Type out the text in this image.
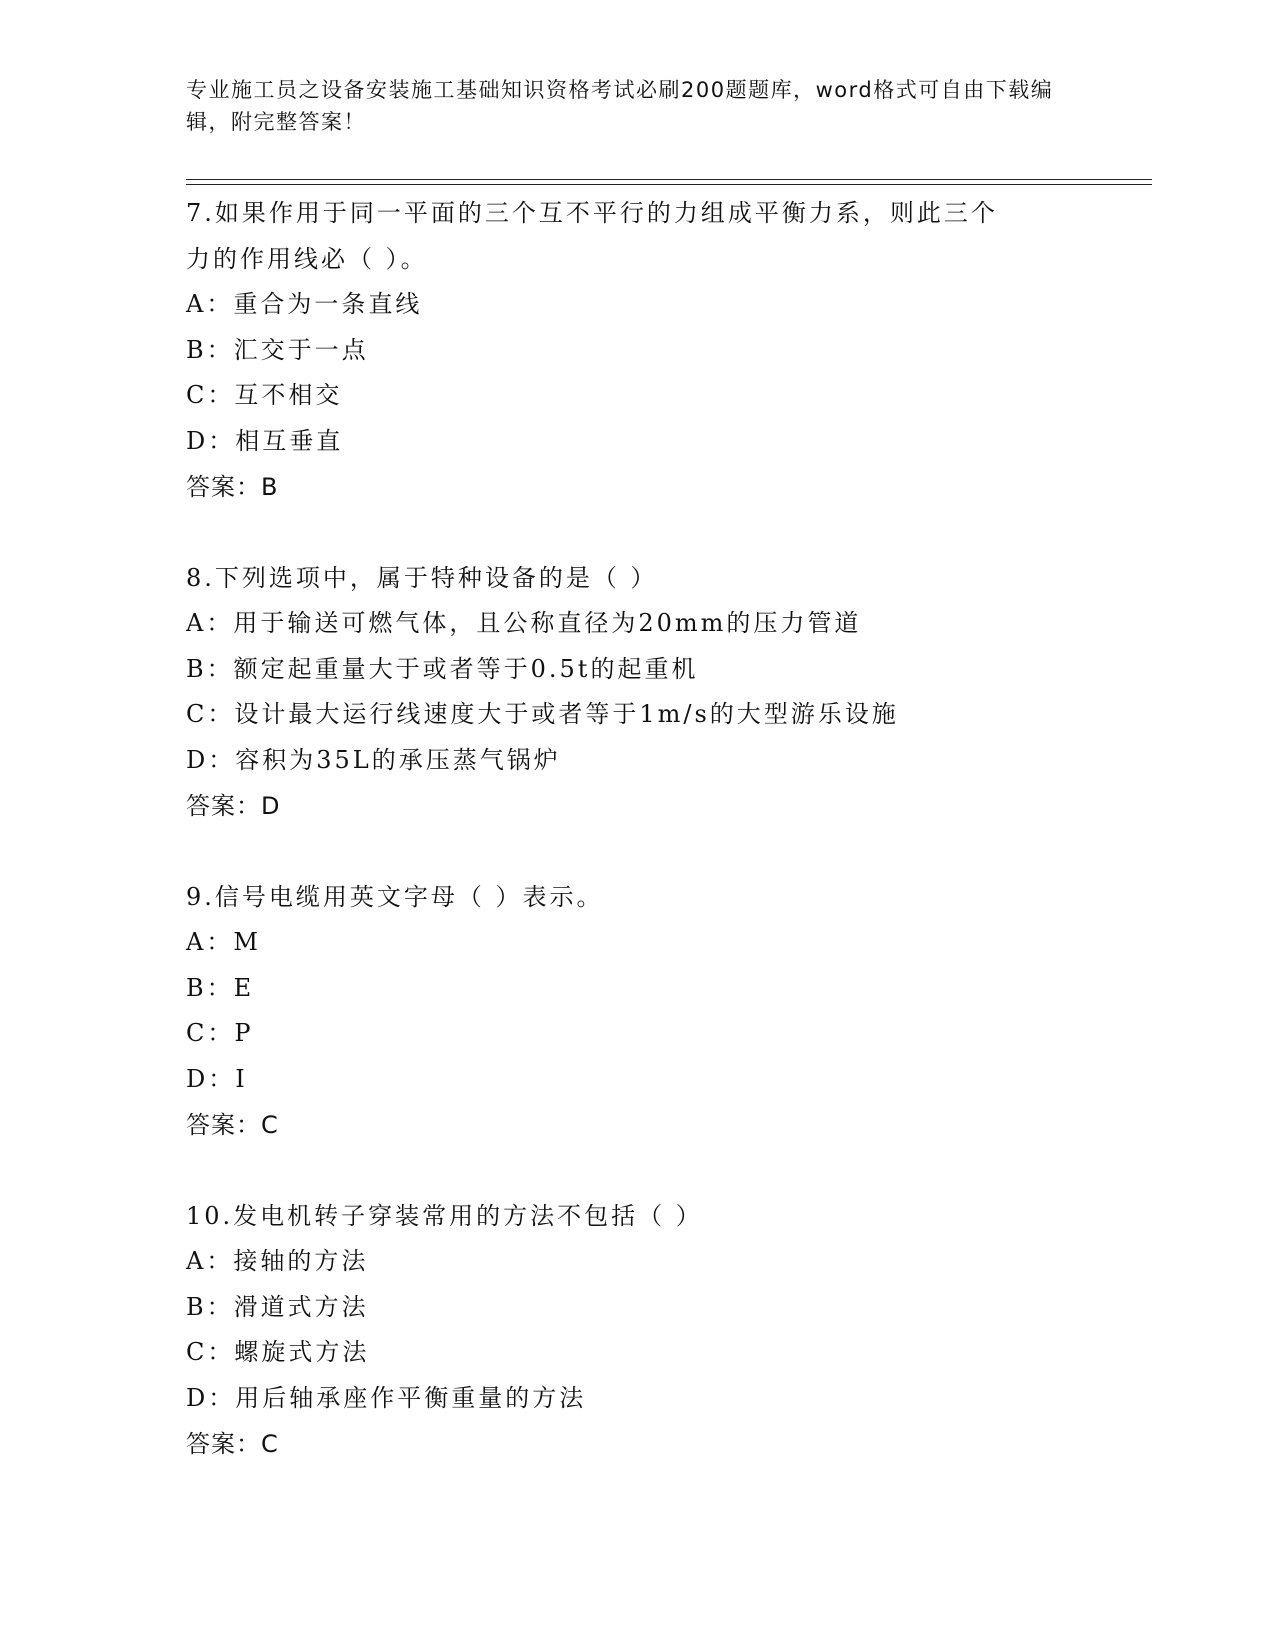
专业施工员之设备安装施工基础知识资格考试必刷200题题库，word格式可自由下载编辑，附完整答案！
7.如果作用于同一平面的三个互不平行的力组成平衡力系，则此三个
力的作用线必（ ）。
A：重合为一条直线
B：汇交于一点
C：互不相交
D：相互垂直
答案：B
8.下列选项中，属于特种设备的是（ ）
A：用于输送可燃气体，且公称直径为20mm的压力管道
B：额定起重量大于或者等于0.5t的起重机
C：设计最大运行线速度大于或者等于1m/s的大型游乐设施
D：容积为35L的承压蒸气锅炉
答案：D
9.信号电缆用英文字母（ ）表示。
A：M
B：E
C：P
D：I
答案：C
10.发电机转子穿装常用的方法不包括（ ）
A：接轴的方法
B：滑道式方法
C：螺旋式方法
D：用后轴承座作平衡重量的方法
答案：C
